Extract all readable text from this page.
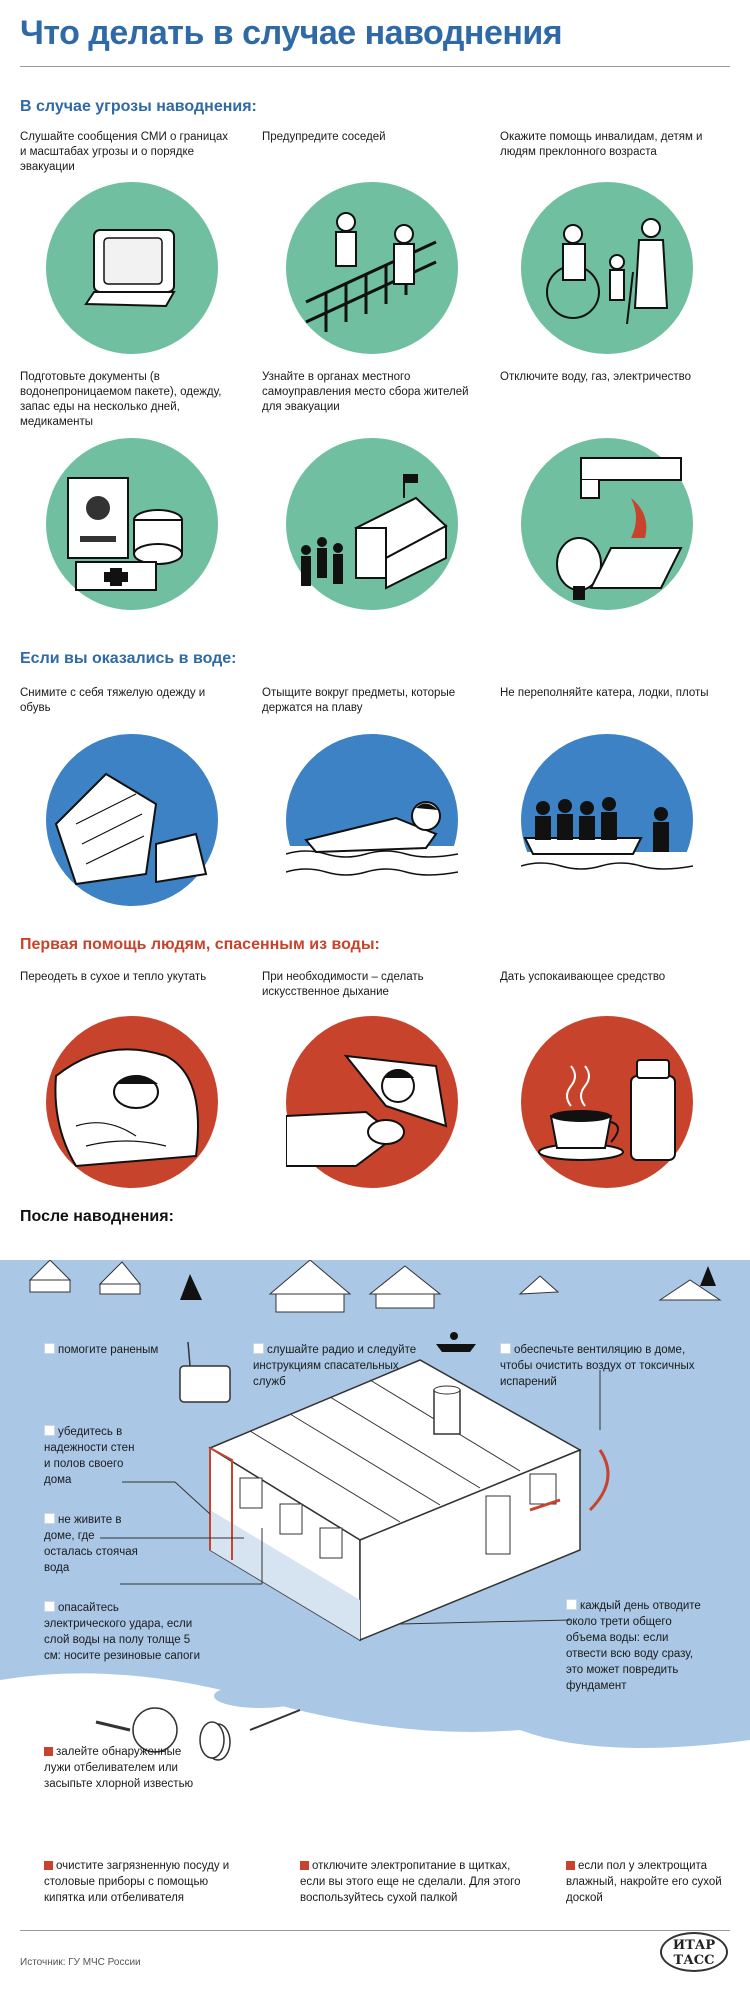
Что делать в случае наводнения
В случае угрозы наводнения:
Слушайте сообщения СМИ о границах и масштабах угрозы и о порядке эвакуации
Предупредите соседей	Окажите помощь инвалидам, детям и людям преклонного возраста
Подготовьте документы (в водонепроницаемом пакете), одежду, запас еды на несколько дней, медикаменты
Узнайте в органах местного самоуправления место сбора жителей для эвакуации
Отключите воду, газ, электричество
Если вы оказались в воде:
Снимите с себя тяжелую одежду и обувь
Отыщите вокруг предметы, которые держатся на плаву
Не переполняйте катера, лодки, плоты
Первая помощь людям, спасенным из воды:
Переодеть в сухое и тепло укутать	При необходимости – сделать искусственное дыхание
Дать успокаивающее средство
После наводнения:
помогите раненым	слушайте радио и следуйте инструкциям спасательных служб
обеспечьте вентиляцию в доме, чтобы очистить воздух от токсичных испарений
убедитесь в надежности стен и полов своего дома
не живите в доме, где осталась стоячая вода
опасайтесь электрического удара, если слой воды на полу толще 5 см: носите резиновые сапоги
каждый день отводите около трети общего объема воды: если отвести всю воду сразу, это может повредить фундамент
залейте обнаруженные лужи отбеливателем или засыпьте хлорной известью
очистите загрязненную посуду и столовые приборы с помощью кипятка или отбеливателя
отключите электропитание в щитках, если вы этого еще не сделали. Для этого воспользуйтесь сухой палкой
если пол у электрощита влажный, накройте его сухой доской
Источник: ГУ МЧС России
ИТАР
ТАСС
